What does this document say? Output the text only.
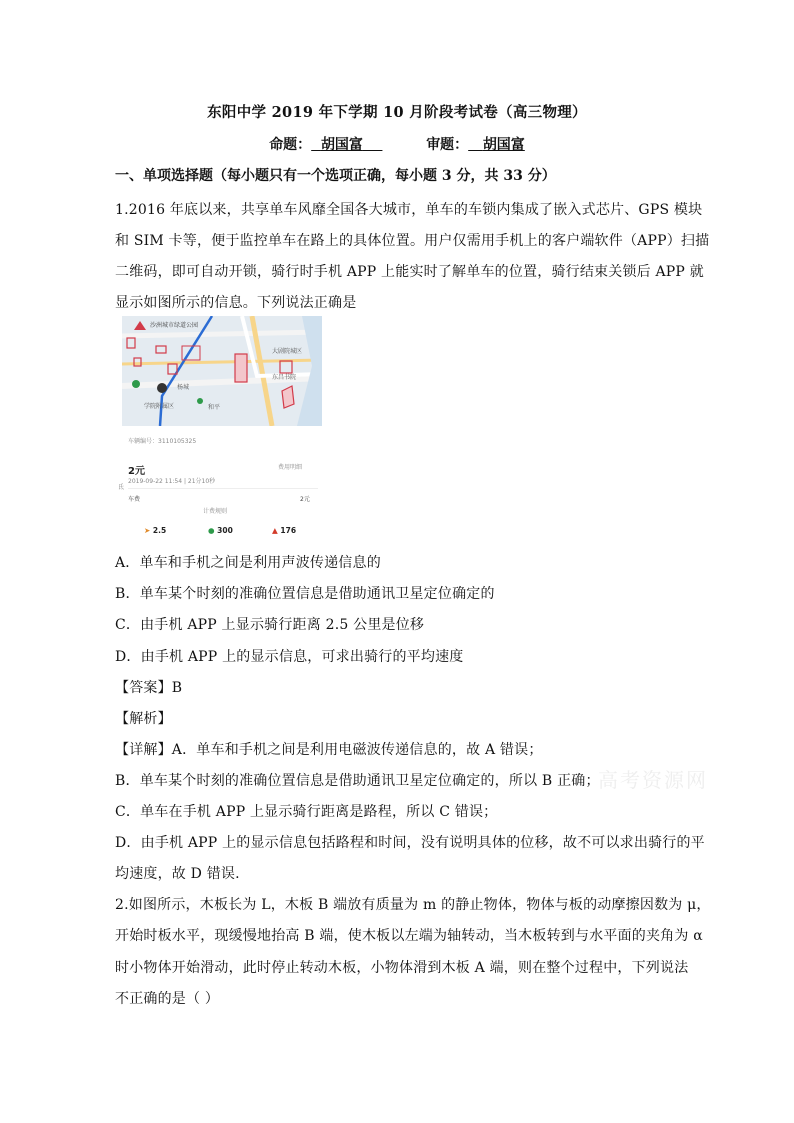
东阳中学 2019 年下学期 10 月阶段考试卷（高三物理）
命题： 胡国富	审题： 胡国富
一、单项选择题（每小题只有一个选项正确，每小题 3 分，共 33 分）
1.2016 年底以来，共享单车风靡全国各大城市，单车的车锁内集成了嵌入式芯片、GPS 模块
和 SIM 卡等，便于监控单车在路上的具体位置。用户仅需用手机上的客户端软件（APP）扫描
二维码，即可自动开锁，骑行时手机 APP 上能实时了解单车的位置，骑行结束关锁后 APP 就
显示如图所示的信息。下列说法正确是
沙洲城市绿道公园
大剧院城区
东昌书院
杨城
学院附属区	和平
车辆编号：3110105325
2元	费用明细
氐
2019-09-22 11:54 | 21分10秒
车费	2元
计费规则
➤ 2.5	● 300	▲ 176
A．单车和手机之间是利用声波传递信息的
B．单车某个时刻的准确位置信息是借助通讯卫星定位确定的
C．由手机 APP 上显示骑行距离 2.5 公里是位移
D．由手机 APP 上的显示信息，可求出骑行的平均速度
【答案】B
【解析】
【详解】A．单车和手机之间是利用电磁波传递信息的，故 A 错误；
B．单车某个时刻的准确位置信息是借助通讯卫星定位确定的，所以 B 正确；
C．单车在手机 APP 上显示骑行距离是路程，所以 C 错误；
D．由手机 APP 上的显示信息包括路程和时间，没有说明具体的位移，故不可以求出骑行的平
均速度，故 D 错误.
2.如图所示，木板长为 L，木板 B 端放有质量为 m 的静止物体，物体与板的动摩擦因数为 μ，
开始时板水平，现缓慢地抬高 B 端，使木板以左端为轴转动，当木板转到与水平面的夹角为 α
时小物体开始滑动，此时停止转动木板，小物体滑到木板 A 端，则在整个过程中，下列说法
不正确的是（ ）
高考资源网
